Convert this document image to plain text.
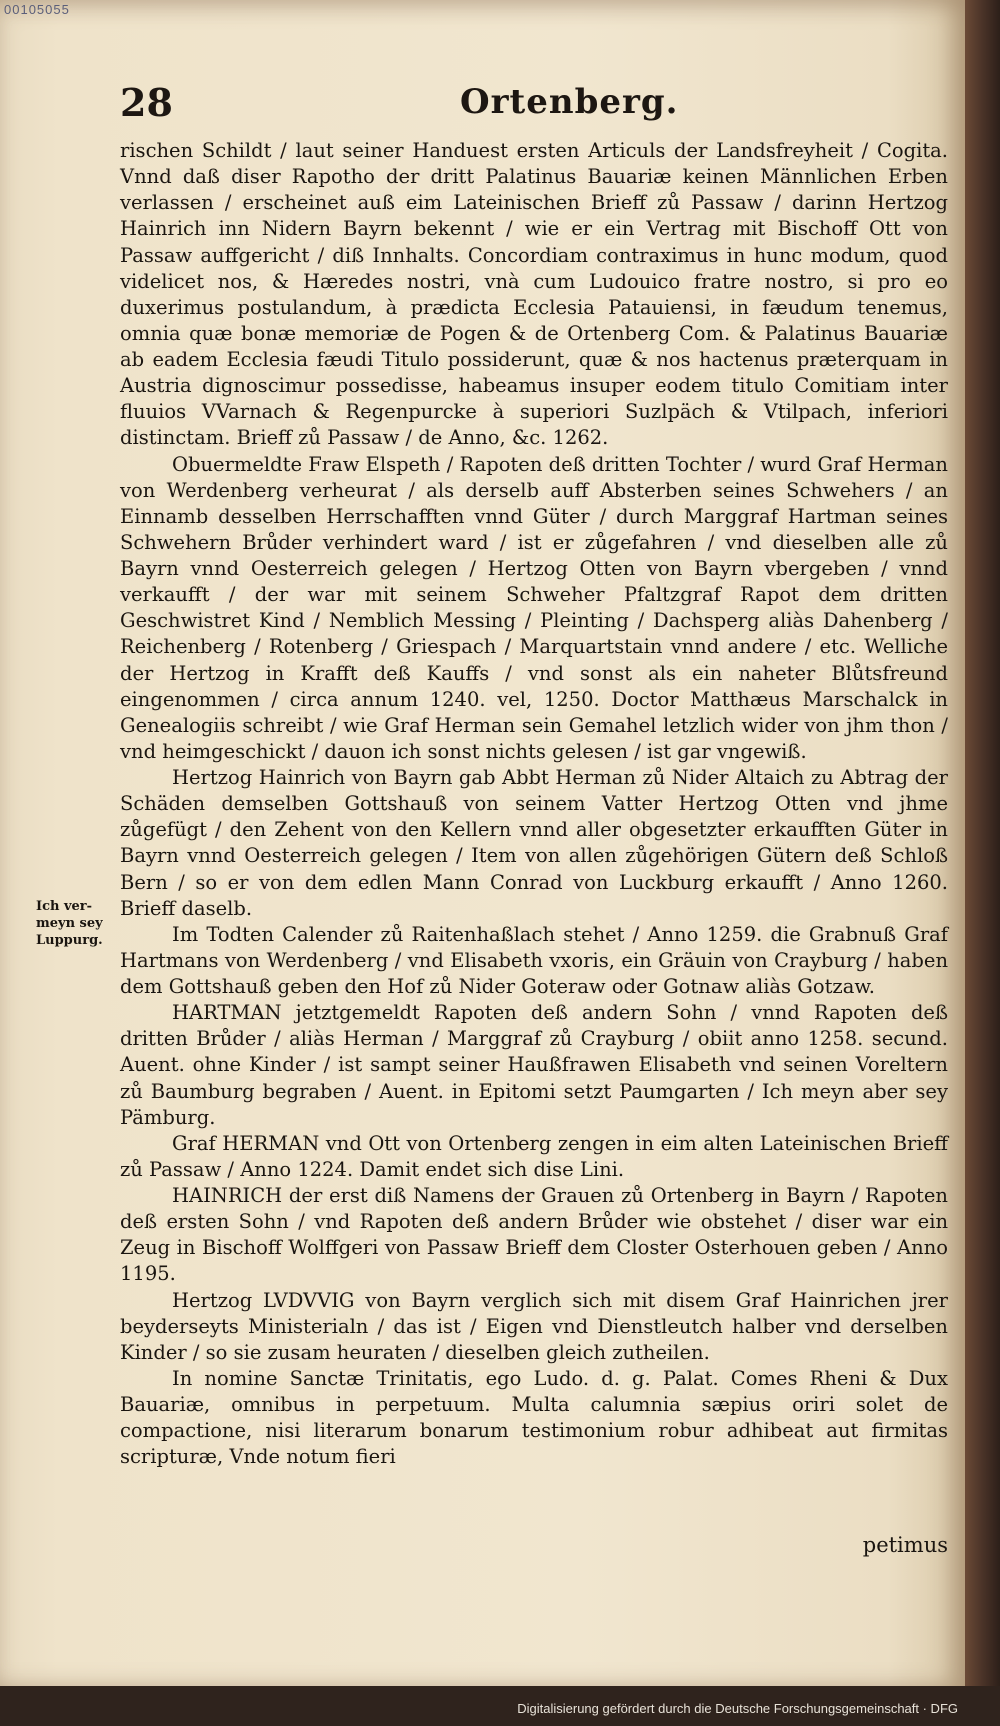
00105055
28	Ortenberg.
Ich ver-
meyn sey
Luppurg.

rischen Schildt / laut seiner Handuest ersten Articuls der Landsfreyheit / Cogita. Vnnd daß diser Rapotho der dritt Palatinus Bauariæ keinen Männlichen Erben verlassen / erscheinet auß eim Lateinischen Brieff zů Passaw / darinn Hertzog Hainrich inn Nidern Bayrn bekennt / wie er ein Vertrag mit Bischoff Ott von Passaw auffgericht / diß Innhalts. Concordiam contraximus in hunc modum, quod videlicet nos, & Hæredes nostri, vnà cum Ludouico fratre nostro, si pro eo duxerimus postulandum, à prædicta Ecclesia Patauiensi, in fæudum tenemus, omnia quæ bonæ memoriæ de Pogen & de Ortenberg Com. & Palatinus Bauariæ ab eadem Ecclesia fæudi Titulo possiderunt, quæ & nos hactenus præterquam in Austria dignoscimur possedisse, habeamus insuper eodem titulo Comitiam inter fluuios VVarnach & Regenpurcke à superiori Suzlpäch & Vtilpach, inferiori distinctam. Brieff zů Passaw / de Anno, &c. 1262.

Obuermeldte Fraw Elspeth / Rapoten deß dritten Tochter / wurd Graf Herman von Werdenberg verheurat / als derselb auff Absterben seines Schwehers / an Einnamb desselben Herrschafften vnnd Güter / durch Marggraf Hartman seines Schwehern Brůder verhindert ward / ist er zůgefahren / vnd dieselben alle zů Bayrn vnnd Oesterreich gelegen / Hertzog Otten von Bayrn vbergeben / vnnd verkaufft / der war mit seinem Schweher Pfaltzgraf Rapot dem dritten Geschwistret Kind / Nemblich Messing / Pleinting / Dachsperg aliàs Dahenberg / Reichenberg / Rotenberg / Griespach / Marquartstain vnnd andere / etc. Welliche der Hertzog in Krafft deß Kauffs / vnd sonst als ein naheter Blůtsfreund eingenommen / circa annum 1240. vel, 1250. Doctor Matthæus Marschalck in Genealogiis schreibt / wie Graf Herman sein Gemahel letzlich wider von jhm thon / vnd heimgeschickt / dauon ich sonst nichts gelesen / ist gar vngewiß.

Hertzog Hainrich von Bayrn gab Abbt Herman zů Nider Altaich zu Abtrag der Schäden demselben Gottshauß von seinem Vatter Hertzog Otten vnd jhme zůgefügt / den Zehent von den Kellern vnnd aller obgesetzter erkaufften Güter in Bayrn vnnd Oesterreich gelegen / Item von allen zůgehörigen Gütern deß Schloß Bern / so er von dem edlen Mann Conrad von Luckburg erkaufft / Anno 1260. Brieff daselb.

Im Todten Calender zů Raitenhaßlach stehet / Anno 1259. die Grabnuß Graf Hartmans von Werdenberg / vnd Elisabeth vxoris, ein Gräuin von Crayburg / haben dem Gottshauß geben den Hof zů Nider Goteraw oder Gotnaw aliàs Gotzaw.

HARTMAN jetztgemeldt Rapoten deß andern Sohn / vnnd Rapoten deß dritten Brůder / aliàs Herman / Marggraf zů Crayburg / obiit anno 1258. secund. Auent. ohne Kinder / ist sampt seiner Haußfrawen Elisabeth vnd seinen Voreltern zů Baumburg begraben / Auent. in Epitomi setzt Paumgarten / Ich meyn aber sey Pämburg.

Graf HERMAN vnd Ott von Ortenberg zengen in eim alten Lateinischen Brieff zů Passaw / Anno 1224. Damit endet sich dise Lini.

HAINRICH der erst diß Namens der Grauen zů Ortenberg in Bayrn / Rapoten deß ersten Sohn / vnd Rapoten deß andern Brůder wie obstehet / diser war ein Zeug in Bischoff Wolffgeri von Passaw Brieff dem Closter Osterhouen geben / Anno 1195.

Hertzog LVDVVIG von Bayrn verglich sich mit disem Graf Hainrichen jrer beyderseyts Ministerialn / das ist / Eigen vnd Dienstleutch halber vnd derselben Kinder / so sie zusam heuraten / dieselben gleich zutheilen.

In nomine Sanctæ Trinitatis, ego Ludo. d. g. Palat. Comes Rheni & Dux Bauariæ, omnibus in perpetuum. Multa calumnia sæpius oriri solet de compactione, nisi literarum bonarum testimonium robur adhibeat aut firmitas scripturæ, Vnde notum fieri

petimus
Digitalisierung gefördert durch die Deutsche Forschungsgemeinschaft · DFG
